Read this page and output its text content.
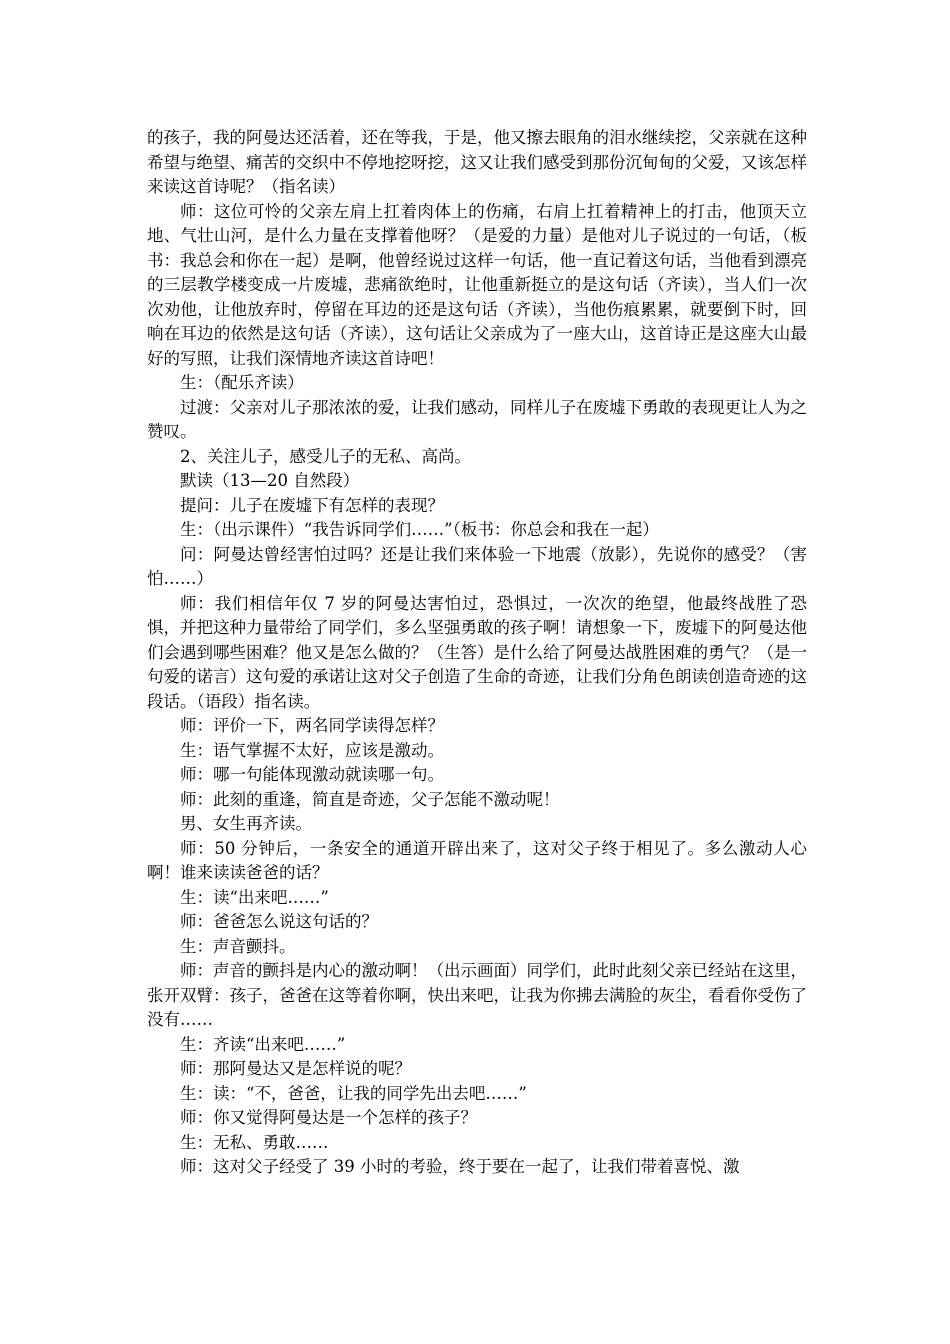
的孩子，我的阿曼达还活着，还在等我，于是，他又擦去眼角的泪水继续挖，父亲就在这种希望与绝望、痛苦的交织中不停地挖呀挖，这又让我们感受到那份沉甸甸的父爱，又该怎样来读这首诗呢？（指名读）

师：这位可怜的父亲左肩上扛着肉体上的伤痛，右肩上扛着精神上的打击，他顶天立地、气壮山河，是什么力量在支撑着他呀？（是爱的力量）是他对儿子说过的一句话，（板书：我总会和你在一起）是啊，他曾经说过这样一句话，他一直记着这句话，当他看到漂亮的三层教学楼变成一片废墟，悲痛欲绝时，让他重新挺立的是这句话（齐读），当人们一次次劝他，让他放弃时，停留在耳边的还是这句话（齐读），当他伤痕累累，就要倒下时，回响在耳边的依然是这句话（齐读），这句话让父亲成为了一座大山，这首诗正是这座大山最好的写照，让我们深情地齐读这首诗吧！

生：（配乐齐读）

过渡：父亲对儿子那浓浓的爱，让我们感动，同样儿子在废墟下勇敢的表现更让人为之赞叹。

2、关注儿子，感受儿子的无私、高尚。

默读（13—20 自然段）

提问：儿子在废墟下有怎样的表现？

生：（出示课件）“我告诉同学们……”（板书：你总会和我在一起）

问：阿曼达曾经害怕过吗？还是让我们来体验一下地震（放影），先说你的感受？（害怕……）

师：我们相信年仅 7 岁的阿曼达害怕过，恐惧过，一次次的绝望，他最终战胜了恐惧，并把这种力量带给了同学们，多么坚强勇敢的孩子啊！请想象一下，废墟下的阿曼达他们会遇到哪些困难？他又是怎么做的？（生答）是什么给了阿曼达战胜困难的勇气？（是一句爱的诺言）这句爱的承诺让这对父子创造了生命的奇迹，让我们分角色朗读创造奇迹的这段话。（语段）指名读。

师：评价一下，两名同学读得怎样？

生：语气掌握不太好，应该是激动。

师：哪一句能体现激动就读哪一句。

师：此刻的重逢，简直是奇迹，父子怎能不激动呢！

男、女生再齐读。

师：50 分钟后，一条安全的通道开辟出来了，这对父子终于相见了。多么激动人心啊！谁来读读爸爸的话？

生：读“出来吧……”

师：爸爸怎么说这句话的？

生：声音颤抖。

师：声音的颤抖是内心的激动啊！（出示画面）同学们，此时此刻父亲已经站在这里，张开双臂：孩子，爸爸在这等着你啊，快出来吧，让我为你拂去满脸的灰尘，看看你受伤了没有……

生：齐读“出来吧……”

师：那阿曼达又是怎样说的呢？

生：读：“不，爸爸，让我的同学先出去吧……”

师：你又觉得阿曼达是一个怎样的孩子？

生：无私、勇敢……

师：这对父子经受了 39 小时的考验，终于要在一起了，让我们带着喜悦、激
